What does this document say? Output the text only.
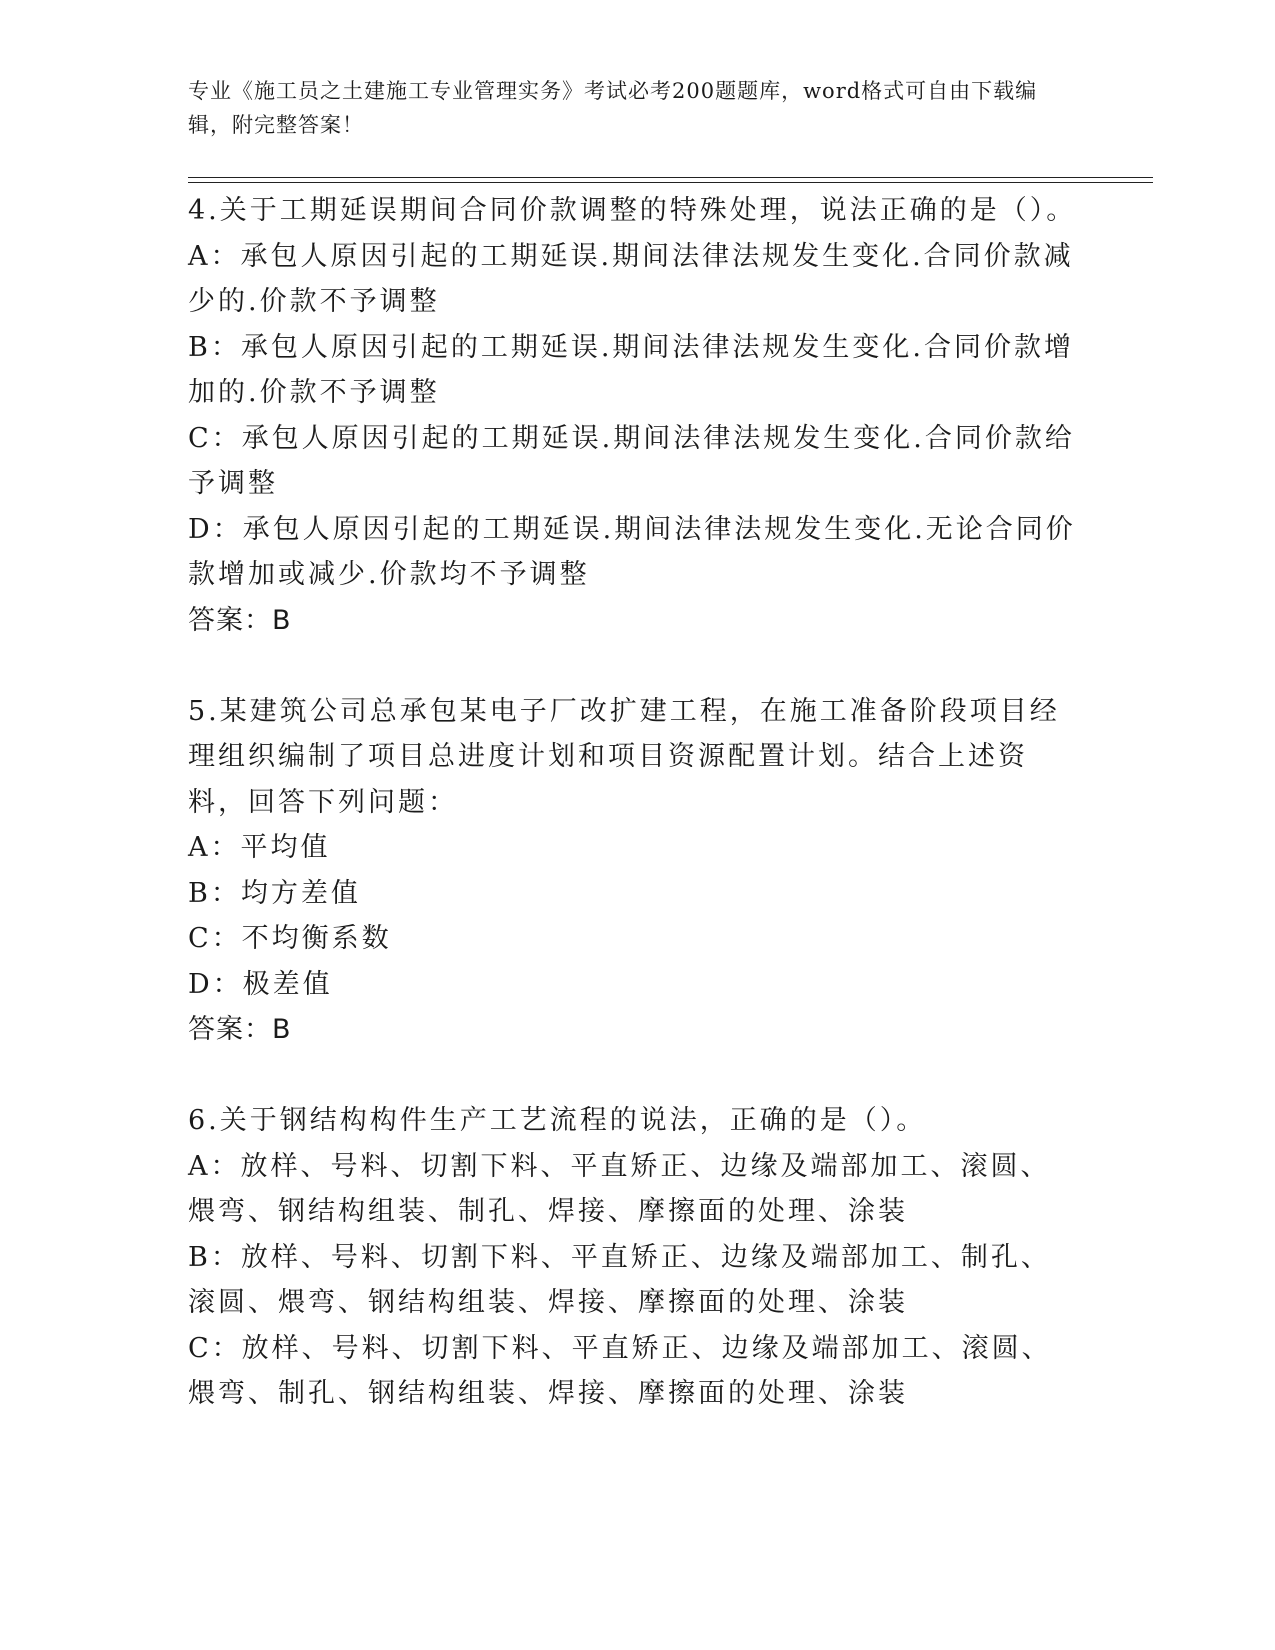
专业《施工员之土建施工专业管理实务》考试必考200题题库，word格式可自由下载编辑，附完整答案！

4.关于工期延误期间合同价款调整的特殊处理，说法正确的是（）。

A：承包人原因引起的工期延误.期间法律法规发生变化.合同价款减少的.价款不予调整

B：承包人原因引起的工期延误.期间法律法规发生变化.合同价款增加的.价款不予调整

C：承包人原因引起的工期延误.期间法律法规发生变化.合同价款给予调整

D：承包人原因引起的工期延误.期间法律法规发生变化.无论合同价款增加或减少.价款均不予调整

答案：B

5.某建筑公司总承包某电子厂改扩建工程，在施工准备阶段项目经理组织编制了项目总进度计划和项目资源配置计划。结合上述资料，回答下列问题：

A：平均值

B：均方差值

C：不均衡系数

D：极差值

答案：B

6.关于钢结构构件生产工艺流程的说法，正确的是（）。

A：放样、号料、切割下料、平直矫正、边缘及端部加工、滚圆、煨弯、钢结构组装、制孔、焊接、摩擦面的处理、涂装

B：放样、号料、切割下料、平直矫正、边缘及端部加工、制孔、滚圆、煨弯、钢结构组装、焊接、摩擦面的处理、涂装

C：放样、号料、切割下料、平直矫正、边缘及端部加工、滚圆、煨弯、制孔、钢结构组装、焊接、摩擦面的处理、涂装
